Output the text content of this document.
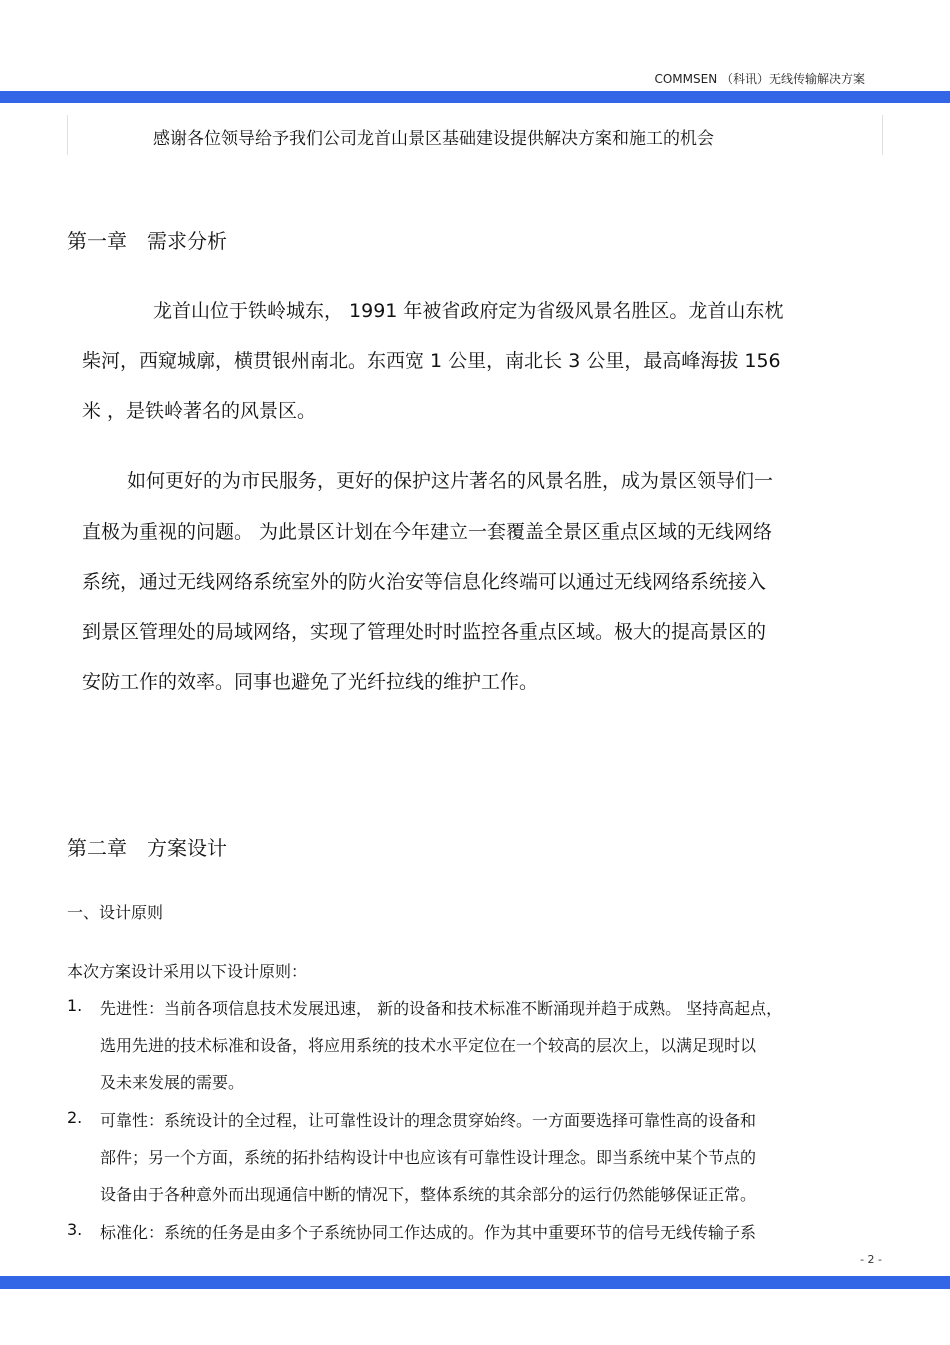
COMMSEN （科讯）无线传输解决方案
感谢各位领导给予我们公司龙首山景区基础建设提供解决方案和施工的机会
第一章 需求分析
龙首山位于铁岭城东， 1991 年被省政府定为省级风景名胜区。龙首山东枕
柴河，西窥城廓，横贯银州南北。东西宽 1 公里，南北长 3 公里，最高峰海拔 156
米 ，是铁岭著名的风景区。
如何更好的为市民服务，更好的保护这片著名的风景名胜，成为景区领导们一
直极为重视的问题。 为此景区计划在今年建立一套覆盖全景区重点区域的无线网络
系统，通过无线网络系统室外的防火治安等信息化终端可以通过无线网络系统接入
到景区管理处的局域网络，实现了管理处时时监控各重点区域。极大的提高景区的
安防工作的效率。同事也避免了光纤拉线的维护工作。
第二章 方案设计
一、设计原则
本次方案设计采用以下设计原则：
1. 先进性：当前各项信息技术发展迅速， 新的设备和技术标准不断涌现并趋于成熟。 坚持高起点，
选用先进的技术标准和设备，将应用系统的技术水平定位在一个较高的层次上，以满足现时以
及未来发展的需要。
2. 可靠性：系统设计的全过程，让可靠性设计的理念贯穿始终。一方面要选择可靠性高的设备和
部件；另一个方面，系统的拓扑结构设计中也应该有可靠性设计理念。即当系统中某个节点的
设备由于各种意外而出现通信中断的情况下，整体系统的其余部分的运行仍然能够保证正常。
3. 标准化：系统的任务是由多个子系统协同工作达成的。作为其中重要环节的信号无线传输子系
- 2 -
